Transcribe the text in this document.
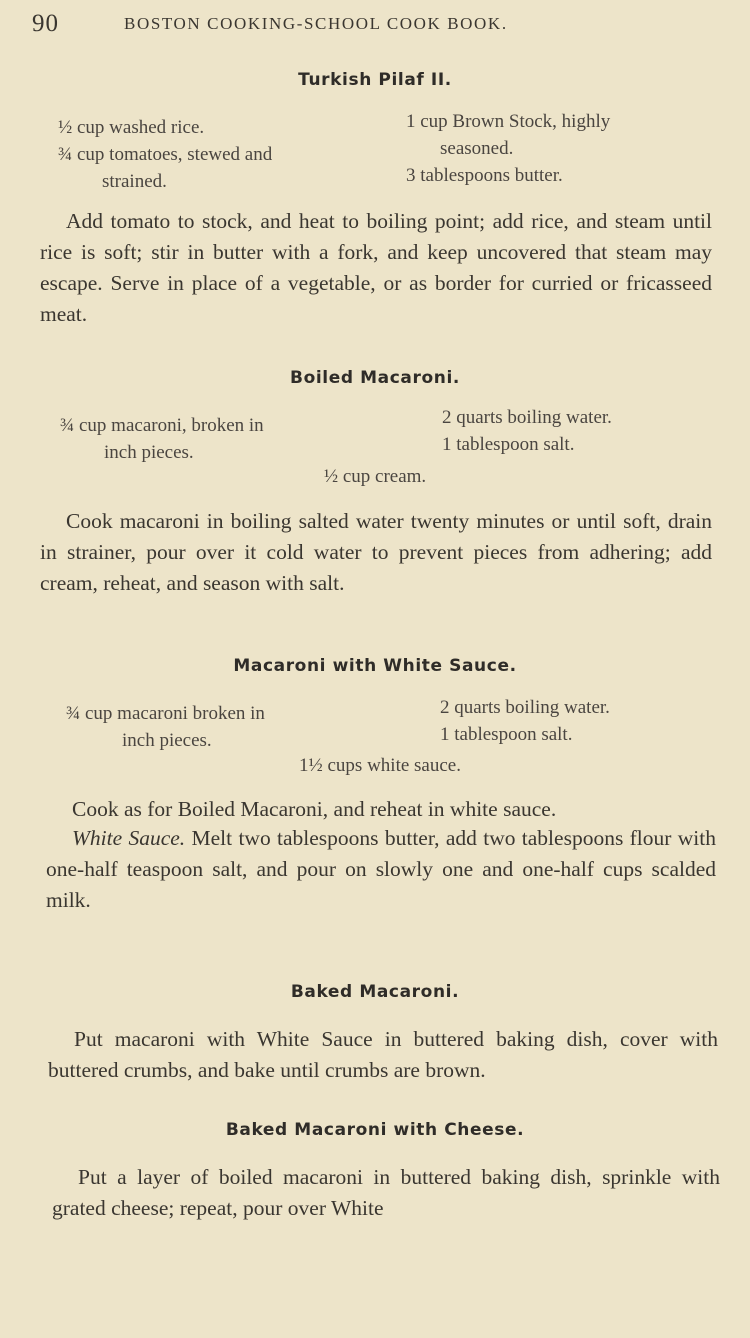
90	BOSTON COOKING-SCHOOL COOK BOOK.
Turkish Pilaf II.
½ cup washed rice.
¾ cup tomatoes, stewed and
strained.
1 cup Brown Stock, highly
seasoned.
3 tablespoons butter.

Add tomato to stock, and heat to boiling point; add rice, and steam until rice is soft; stir in butter with a fork, and keep uncovered that steam may escape. Serve in place of a vegetable, or as border for curried or fricasseed meat.

Boiled Macaroni.
¾ cup macaroni, broken in
inch pieces.
2 quarts boiling water.
1 tablespoon salt.
½ cup cream.

Cook macaroni in boiling salted water twenty minutes or until soft, drain in strainer, pour over it cold water to prevent pieces from adhering; add cream, reheat, and season with salt.

Macaroni with White Sauce.
¾ cup macaroni broken in
inch pieces.
2 quarts boiling water.
1 tablespoon salt.
1½ cups white sauce.

Cook as for Boiled Macaroni, and reheat in white sauce.

White Sauce. Melt two tablespoons butter, add two tablespoons flour with one-half teaspoon salt, and pour on slowly one and one-half cups scalded milk.

Baked Macaroni.

Put macaroni with White Sauce in buttered baking dish, cover with buttered crumbs, and bake until crumbs are brown.

Baked Macaroni with Cheese.

Put a layer of boiled macaroni in buttered baking dish, sprinkle with grated cheese; repeat, pour over White
